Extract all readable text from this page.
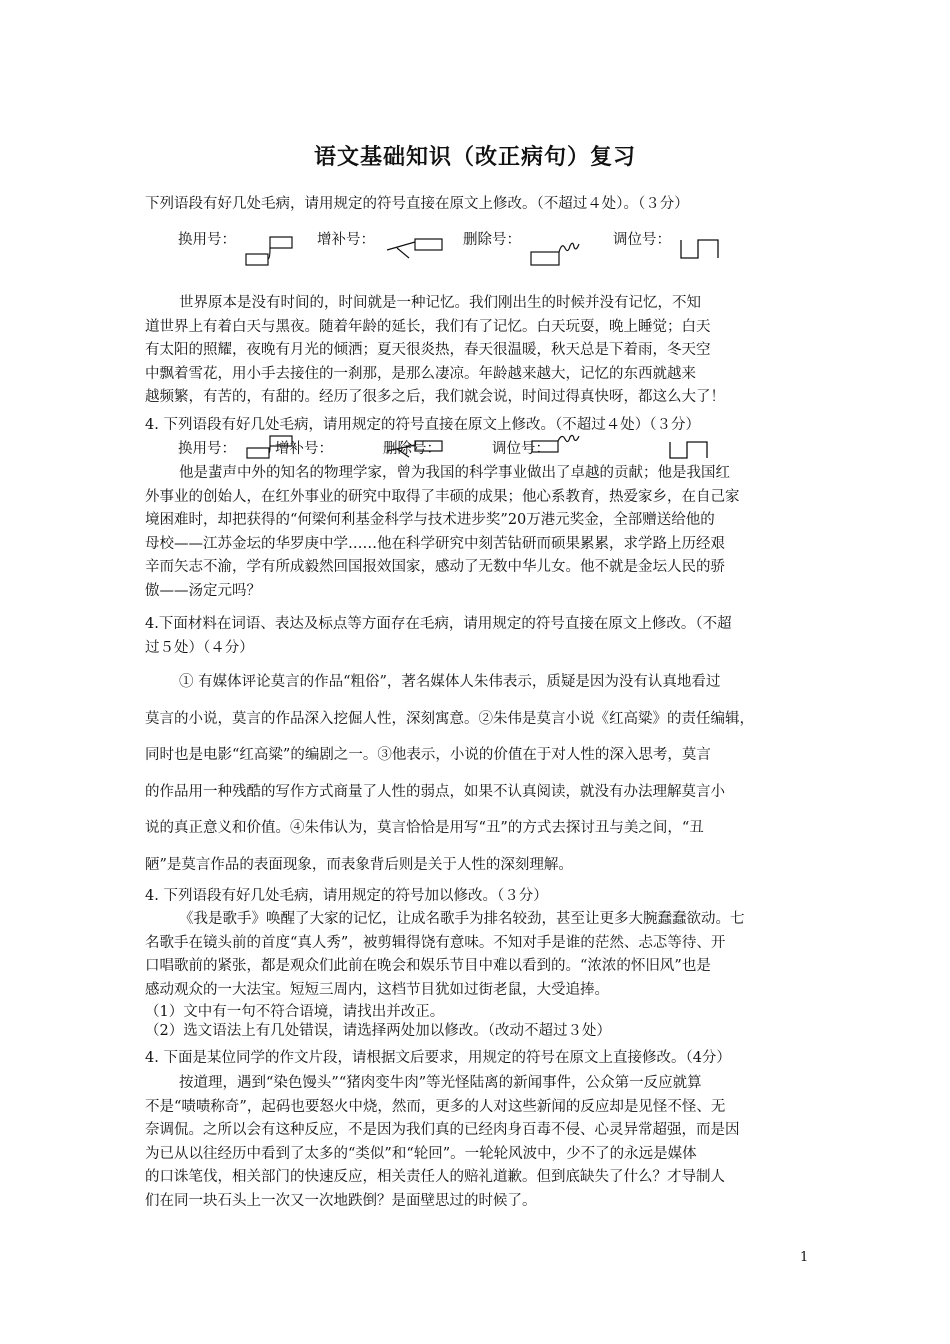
语文基础知识（改正病句）复习
下列语段有好几处毛病，请用规定的符号直接在原文上修改。（不超过４处）。（３分）
换用号：	增补号：	删除号：	调位号：
世界原本是没有时间的，时间就是一种记忆。我们刚出生的时候并没有记忆，不知
道世界上有着白天与黑夜。随着年龄的延长，我们有了记忆。白天玩耍，晚上睡觉；白天
有太阳的照耀，夜晚有月光的倾洒；夏天很炎热，春天很温暖，秋天总是下着雨，冬天空
中飘着雪花，用小手去接住的一刹那，是那么凄凉。年龄越来越大，记忆的东西就越来
越频繁，有苦的，有甜的。经历了很多之后，我们就会说，时间过得真快呀，都这么大了！
4. 下列语段有好几处毛病，请用规定的符号直接在原文上修改。（不超过４处）（３分）
换用号：	增补号：	删除号：	调位号：
他是蜚声中外的知名的物理学家，曾为我国的科学事业做出了卓越的贡献；他是我国红
外事业的创始人，在红外事业的研究中取得了丰硕的成果；他心系教育，热爱家乡，在自己家
境困难时，却把获得的“何梁何利基金科学与技术进步奖”20万港元奖金，全部赠送给他的
母校——江苏金坛的华罗庚中学……他在科学研究中刻苦钻研而硕果累累，求学路上历经艰
辛而矢志不渝，学有所成毅然回国报效国家，感动了无数中华儿女。他不就是金坛人民的骄
傲——汤定元吗？
4.下面材料在词语、表达及标点等方面存在毛病，请用规定的符号直接在原文上修改。（不超
过５处）（４分）
① 有媒体评论莫言的作品“粗俗”，著名媒体人朱伟表示，质疑是因为没有认真地看过
莫言的小说，莫言的作品深入挖倔人性，深刻寓意。②朱伟是莫言小说《红高粱》的责任编辑，
同时也是电影“红高粱”的编剧之一。③他表示，小说的价值在于对人性的深入思考，莫言
的作品用一种残酷的写作方式商量了人性的弱点，如果不认真阅读，就没有办法理解莫言小
说的真正意义和价值。④朱伟认为，莫言恰恰是用写“丑”的方式去探讨丑与美之间，“丑
陋”是莫言作品的表面现象，而表象背后则是关于人性的深刻理解。
4. 下列语段有好几处毛病，请用规定的符号加以修改。（３分）
《我是歌手》唤醒了大家的记忆，让成名歌手为排名较劲，甚至让更多大腕蠢蠢欲动。七
名歌手在镜头前的首度“真人秀”，被剪辑得饶有意味。不知对手是谁的茫然、忐忑等待、开
口唱歌前的紧张，都是观众们此前在晚会和娱乐节目中难以看到的。“浓浓的怀旧风”也是
感动观众的一大法宝。短短三周内，这档节目犹如过街老鼠，大受追捧。
（1）文中有一句不符合语境，请找出并改正。
（2）选文语法上有几处错误，请选择两处加以修改。（改动不超过３处）
4. 下面是某位同学的作文片段，请根据文后要求，用规定的符号在原文上直接修改。（4分）
按道理，遇到“染色馒头”“猪肉变牛肉”等光怪陆离的新闻事件，公众第一反应就算
不是“啧啧称奇”，起码也要怒火中烧，然而，更多的人对这些新闻的反应却是见怪不怪、无
奈调侃。之所以会有这种反应，不是因为我们真的已经肉身百毒不侵、心灵异常超强，而是因
为已从以往经历中看到了太多的“类似”和“轮回”。一轮轮风波中，少不了的永远是媒体
的口诛笔伐，相关部门的快速反应，相关责任人的赔礼道歉。但到底缺失了什么？才导制人
们在同一块石头上一次又一次地跌倒？是面壁思过的时候了。
1
